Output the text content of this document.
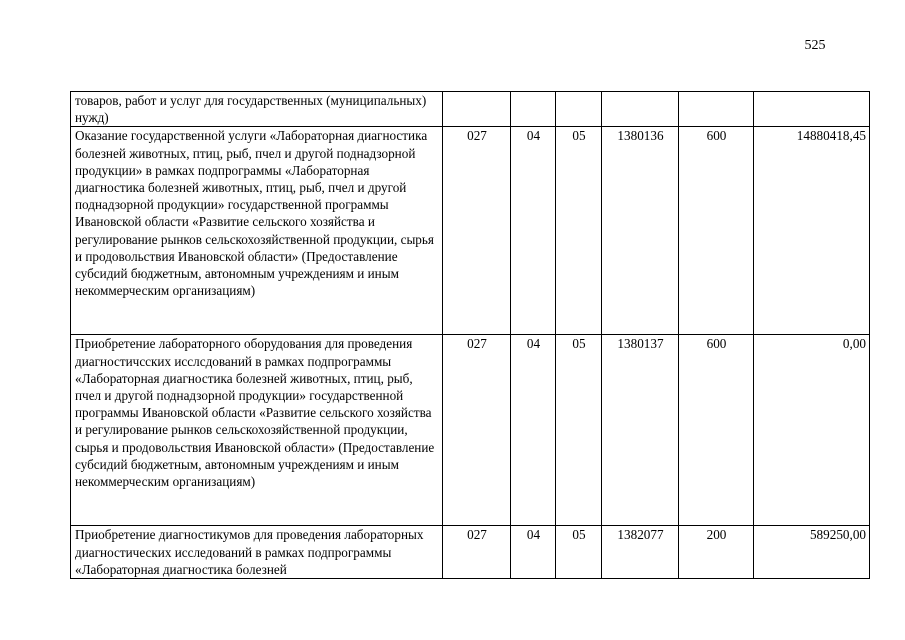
525
товаров, работ и услуг для государственных (муниципальных) нужд)						
Оказание государственной услуги «Лабораторная диагностика болезней животных, птиц, рыб, пчел и другой поднадзорной продукции» в рамках подпрограммы «Лабораторная диагностика болезней животных, птиц, рыб, пчел и другой поднадзорной продукции» государственной программы Ивановской области «Развитие сельского хозяйства и регулирование рынков сельскохозяйственной продукции, сырья и продовольствия Ивановской области» (Предоставление субсидий бюджетным, автономным учреждениям и иным некоммерческим организациям)	027	04	05	1380136	600	14880418,45
Приобретение лабораторного оборудования для проведения диагностичсских исслсдований в рамках подпрограммы «Лабораторная диагностика болезней животных, птиц, рыб, пчел и другой поднадзорной продукции» государственной программы Ивановской области «Развитие сельского хозяйства и регулирование рынков сельскохозяйственной продукции, сырья и продовольствия Ивановской области» (Предоставление субсидий бюджетным, автономным учреждениям и иным некоммерческим организациям)	027	04	05	1380137	600	0,00
Приобретение диагностикумов для проведения лабораторных диагностических исследований в рамках подпрограммы «Лабораторная диагностика болезней	027	04	05	1382077	200	589250,00
